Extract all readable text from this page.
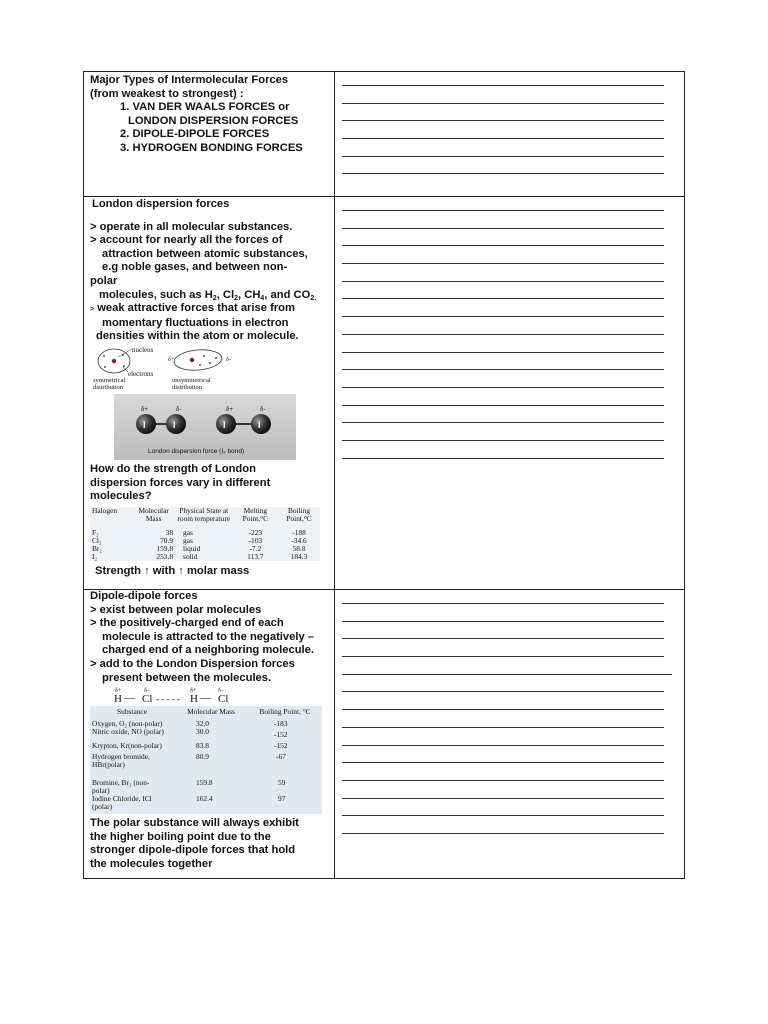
Major Types of Intermolecular Forces

(from weakest to strongest) :

1. VAN DER WAALS FORCES or

LONDON DISPERSION FORCES

2. DIPOLE-DIPOLE FORCES

3. HYDROGEN BONDING FORCES

London dispersion forces

> operate in all molecular substances.

> account for nearly all the forces of

attraction between atomic substances,

e.g noble gases, and between non-

polar

molecules, such as $H_2$, $Cl_2$, $CH_4$, and $CO_{2.}$

> weak attractive forces that arise from

momentary fluctuations in electron

densities within the atom or molecule.

nucleus
electrons
δ+	δ-
symmetrical
distribution
unsymmetrical
distribution
I	I	I	I
δ+	δ-	δ+	δ-
London dispersion force (I₂ bond)

How do the strength of London

dispersion forces vary in different

molecules?

Halogen	Molecular Mass	Physical State at room temperature	Melting Point,°C	Boiling Point,°C

F₂	38	gas	-223	-188
Cl₂	70.9	gas	-103	-34.6
Br₂	159.8	liquid	-7.2	58.8
I₂	253.8	solid	113.7	184.3

Strength ↑ with ↑ molar mass

Dipole-dipole forces

> exist between polar molecules

> the positively-charged end of each

molecule is attracted to the negatively –

charged end of a neighboring molecule.

> add to the London Dispersion forces

present between the molecules.

δ+	δ–	δ+	δ–
H — Cl - - - - - H — Cl
Substance	Molecular Mass	Boiling Point, °C

Oxygen, O₂ (non-polar)	32.0	-183
Nitric oxide, NO (polar)	30.0	-152
Krypton, Kr(non-polar)	83.8	-152
Hydrogen bromide, HBr(polar)	80.9	-67
Bromine, Br₂ (non-polar)	159.8	59
Iodine Chloride, ICl (polar)	162.4	97

The polar substance will always exhibit

the higher boiling point due to the

stronger dipole-dipole forces that hold

the molecules together
